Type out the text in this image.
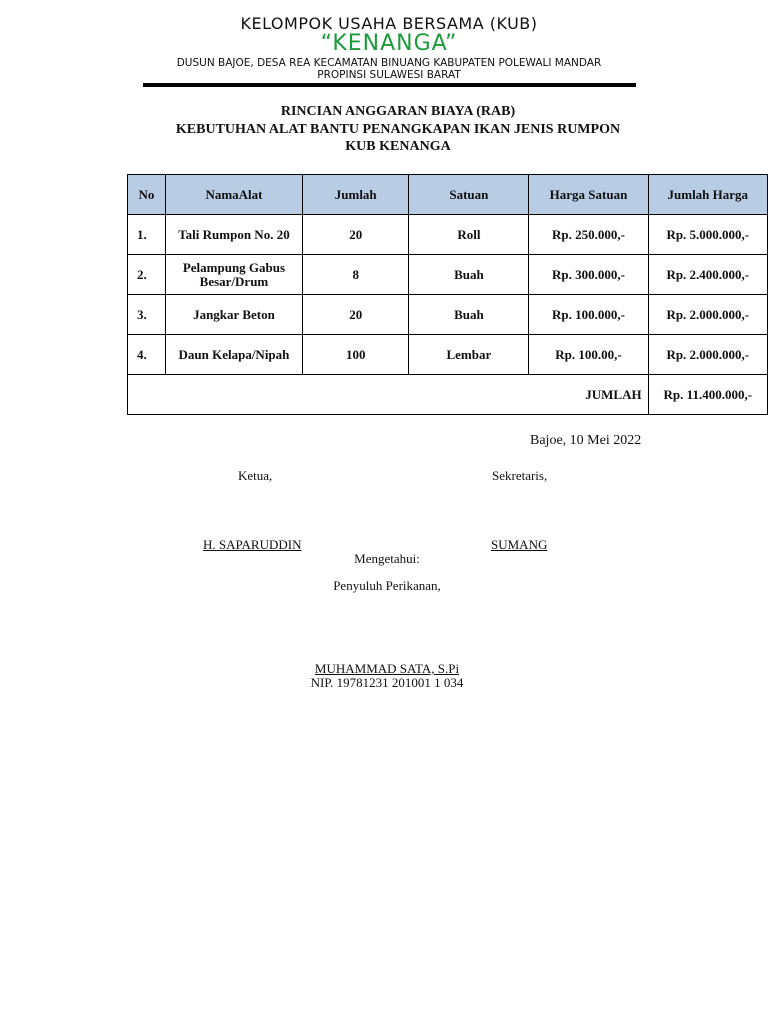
KELOMPOK USAHA BERSAMA (KUB)
“KENANGA”
DUSUN BAJOE, DESA REA KECAMATAN BINUANG KABUPATEN POLEWALI MANDAR
PROPINSI SULAWESI BARAT
RINCIAN ANGGARAN BIAYA (RAB)
KEBUTUHAN ALAT BANTU PENANGKAPAN IKAN JENIS RUMPON
KUB KENANGA
No	NamaAlat	Jumlah	Satuan	Harga Satuan	Jumlah Harga
1.	Tali Rumpon No. 20	20	Roll	Rp. 250.000,-	Rp. 5.000.000,-
2.	Pelampung Gabus Besar/Drum	8	Buah	Rp. 300.000,-	Rp. 2.400.000,-
3.	Jangkar Beton	20	Buah	Rp. 100.000,-	Rp. 2.000.000,-
4.	Daun Kelapa/Nipah	100	Lembar	Rp. 100.00,-	Rp. 2.000.000,-
JUMLAH					Rp. 11.400.000,-
Bajoe, 10 Mei 2022
Ketua,	Sekretaris,
H. SAPARUDDIN	SUMANG
Mengetahui:
Penyuluh Perikanan,
MUHAMMAD SATA, S.Pi
NIP. 19781231 201001 1 034
